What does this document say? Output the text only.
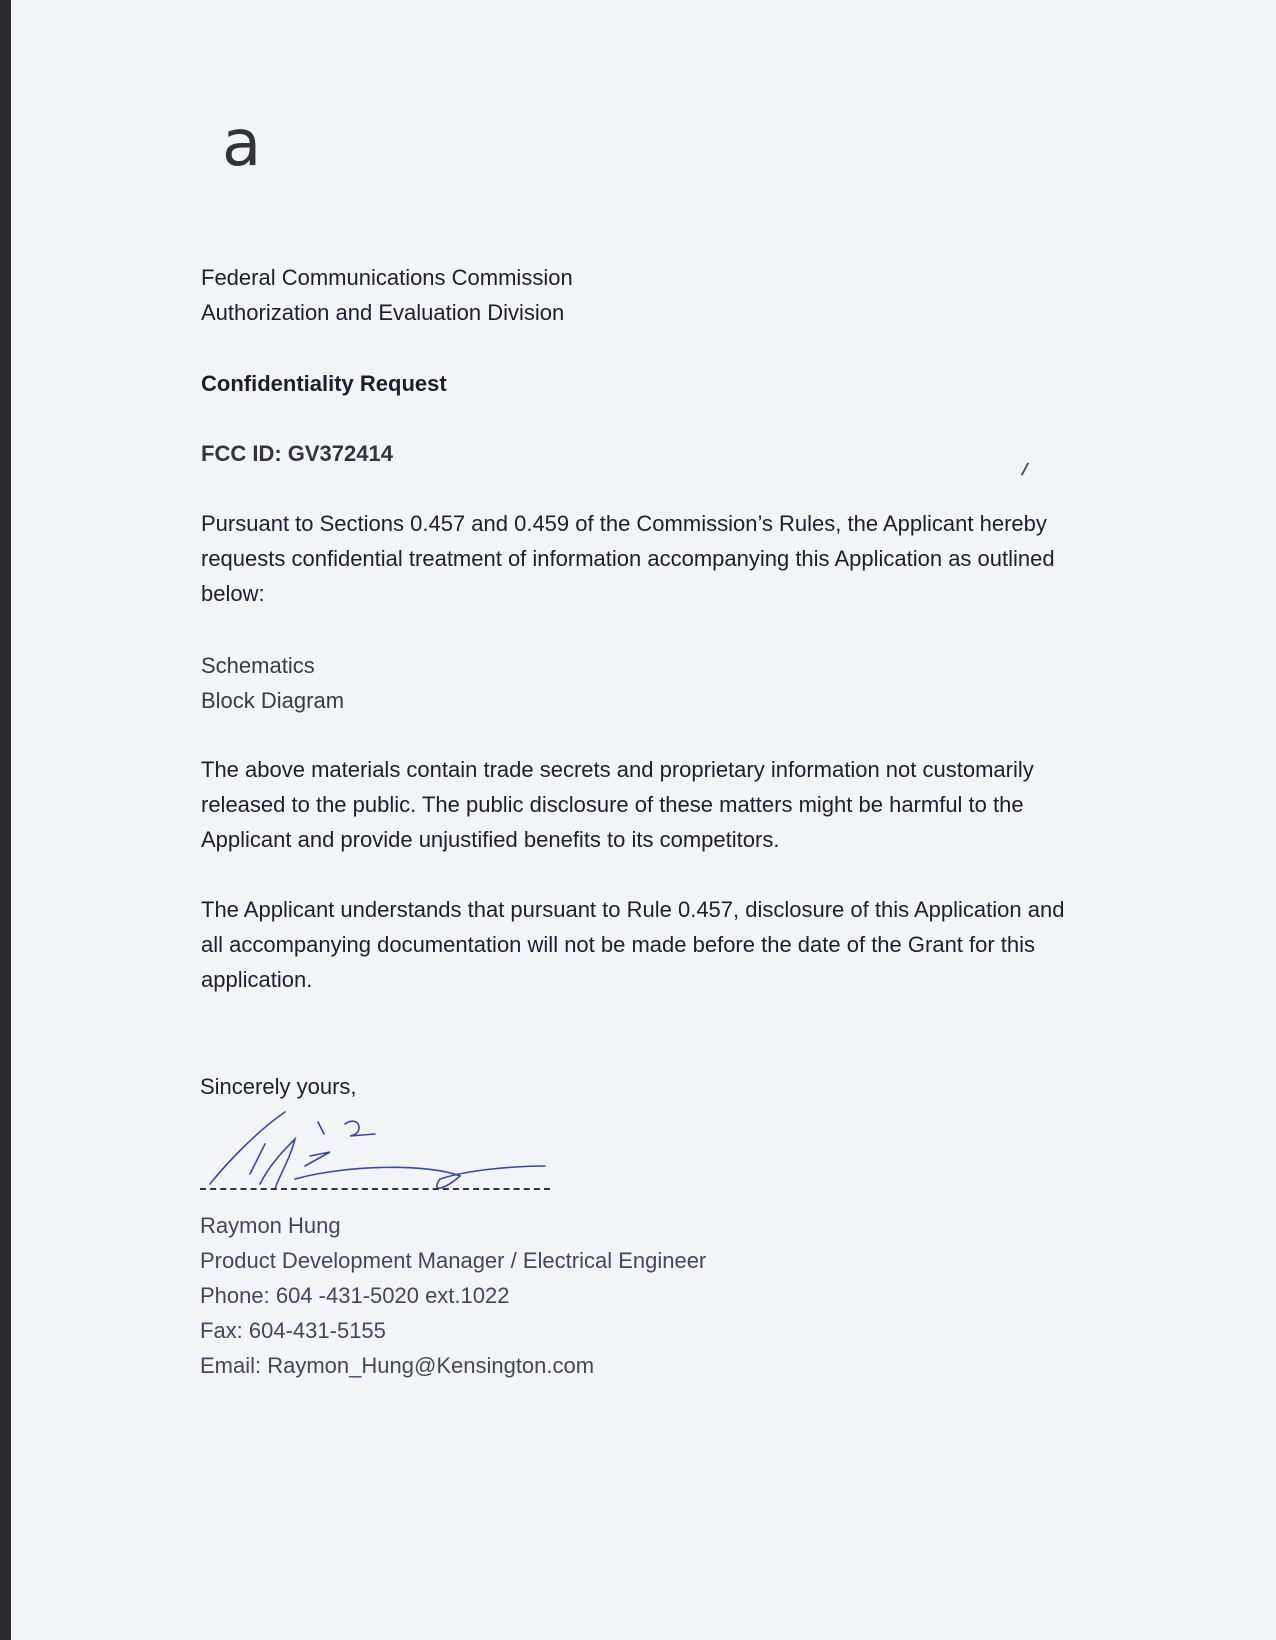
a
Federal Communications Commission
Authorization and Evaluation Division
Confidentiality Request
FCC ID: GV372414
Pursuant to Sections 0.457 and 0.459 of the Commission’s Rules, the Applicant hereby requests confidential treatment of information accompanying this Application as outlined below:
Schematics
Block Diagram
The above materials contain trade secrets and proprietary information not customarily released to the public. The public disclosure of these matters might be harmful to the Applicant and provide unjustified benefits to its competitors.
The Applicant understands that pursuant to Rule 0.457, disclosure of this Application and all accompanying documentation will not be made before the date of the Grant for this application.
Sincerely yours,
Raymon Hung
Product Development Manager / Electrical Engineer
Phone: 604 -431-5020 ext.1022
Fax: 604-431-5155
Email: Raymon_Hung@Kensington.com
